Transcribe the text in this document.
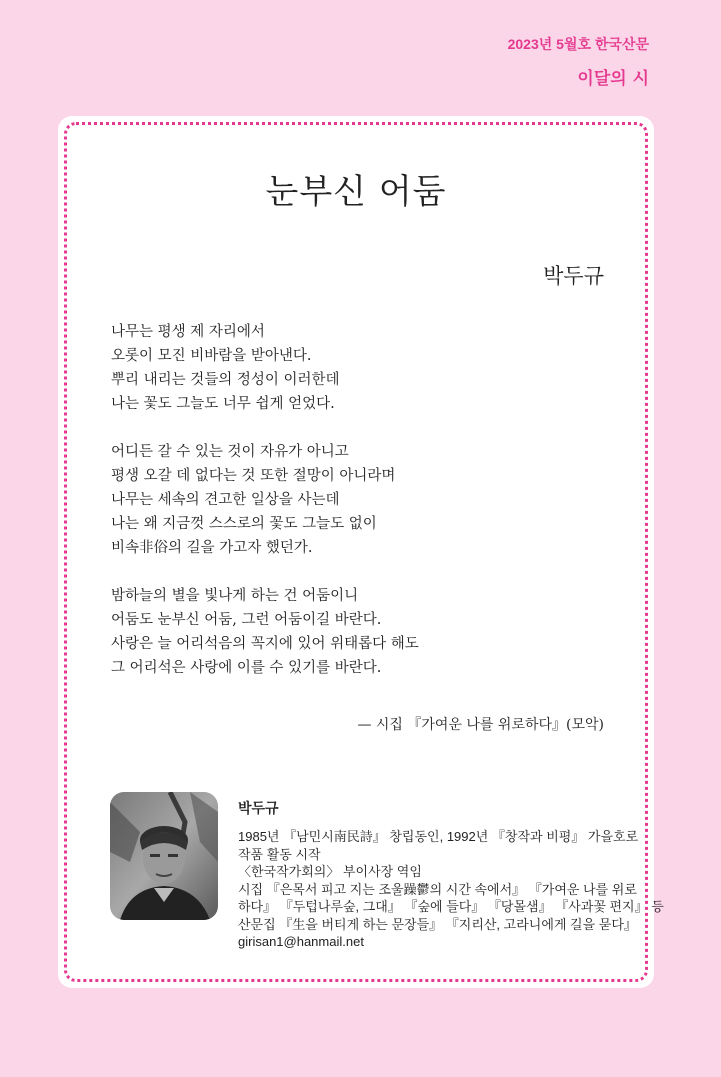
2023년 5월호 한국산문
이달의 시
눈부신 어둠
박두규
나무는 평생 제 자리에서
오롯이 모진 비바람을 받아낸다.
뿌리 내리는 것들의 정성이 이러한데
나는 꽃도 그늘도 너무 쉽게 얻었다.
어디든 갈 수 있는 것이 자유가 아니고
평생 오갈 데 없다는 것 또한 절망이 아니라며
나무는 세속의 견고한 일상을 사는데
나는 왜 지금껏 스스로의 꽃도 그늘도 없이
비속非俗의 길을 가고자 했던가.
밤하늘의 별을 빛나게 하는 건 어둠이니
어둠도 눈부신 어둠, 그런 어둠이길 바란다.
사랑은 늘 어리석음의 꼭지에 있어 위태롭다 해도
그 어리석은 사랑에 이를 수 있기를 바란다.
— 시집 『가여운 나를 위로하다』(모악)
박두규
1985년 『남민시南民詩』 창립동인, 1992년 『창작과 비평』 가을호로
작품 활동 시작
〈한국작가회의〉 부이사장 역임
시집 『은목서 피고 지는 조울躁鬱의 시간 속에서』 『가여운 나를 위로
하다』 『두텁나루숲, 그대』 『숲에 들다』 『당몰샘』 『사과꽃 편지』 등
산문집 『生을 버티게 하는 문장들』 『지리산, 고라니에게 길을 묻다』
girisan1@hanmail.net
